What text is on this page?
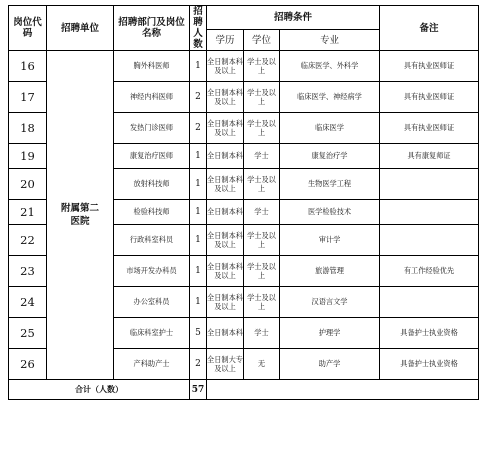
岗位代码	招聘单位	招聘部门及岗位名称	招聘人数	招聘条件			备注
				学历	学位	专业	
16	附属第二医院	胸外科医师	1	全日制本科及以上	学士及以上	临床医学、外科学	具有执业医师证
17		神经内科医师	2	全日制本科及以上	学士及以上	临床医学、神经病学	具有执业医师证
18		发热门诊医师	2	全日制本科及以上	学士及以上	临床医学	具有执业医师证
19		康复治疗医师	1	全日制本科	学士	康复治疗学	具有康复师证
20		放射科技师	1	全日制本科及以上	学士及以上	生物医学工程	
21		检验科技师	1	全日制本科	学士	医学检验技术	
22		行政科室科员	1	全日制本科及以上	学士及以上	审计学	
23		市场开发办科员	1	全日制本科及以上	学士及以上	旅游管理	有工作经验优先
24		办公室科员	1	全日制本科及以上	学士及以上	汉语言文学	
25		临床科室护士	5	全日制本科	学士	护理学	具备护士执业资格
26		产科助产士	2	全日制大专及以上	无	助产学	具备护士执业资格
合计（人数）			57				
